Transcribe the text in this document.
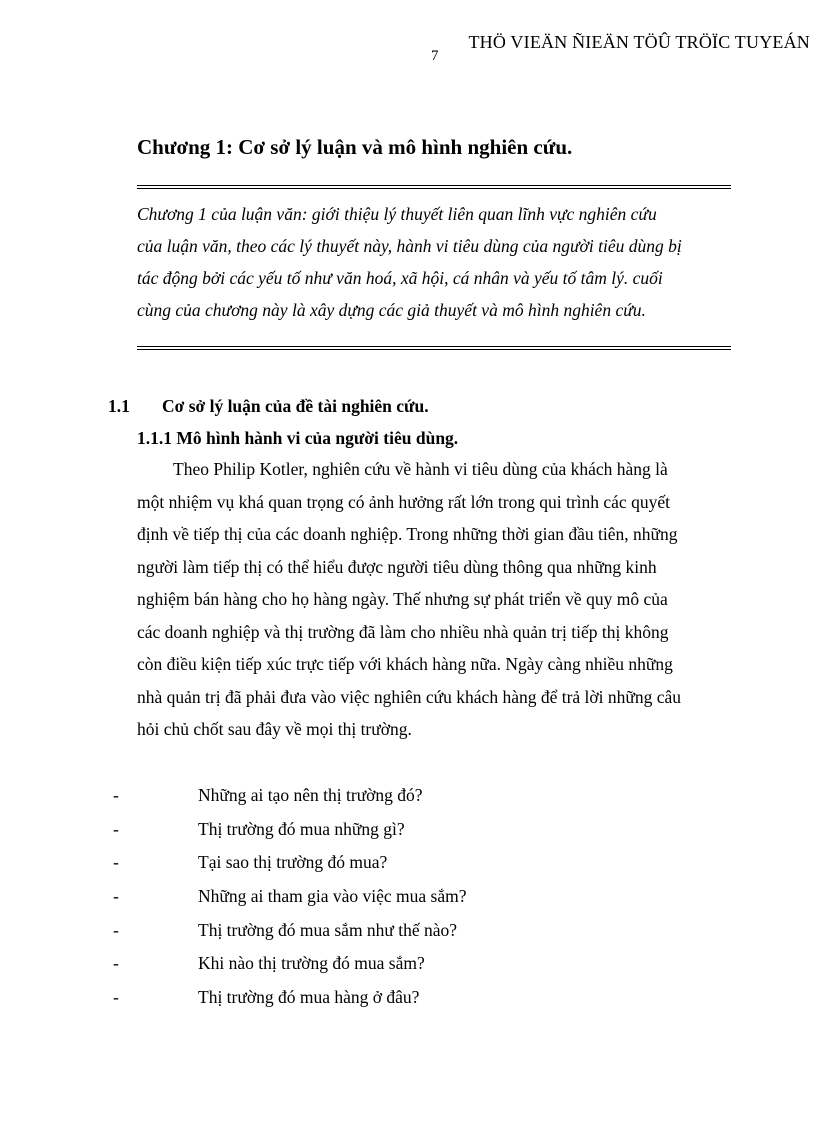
THÖ VIEÄN ÑIEÄN TÖÛ TRÖÏC TUYEÁN
7
Chương 1: Cơ sở lý luận và mô hình nghiên cứu.

Chương 1 của luận văn: giới thiệu lý thuyết liên quan lĩnh vực nghiên cứu
của luận văn, theo các lý thuyết này, hành vi tiêu dùng của người tiêu dùng bị
tác động bởi các yếu tố như văn hoá, xã hội, cá nhân và yếu tố tâm lý. cuối
cùng của chương này là xây dựng các giả thuyết và mô hình nghiên cứu.

1.1 Cơ sở lý luận của đề tài nghiên cứu.
1.1.1 Mô hình hành vi của người tiêu dùng.

Theo Philip Kotler, nghiên cứu về hành vi tiêu dùng của khách hàng là
một nhiệm vụ khá quan trọng có ảnh hưởng rất lớn trong qui trình các quyết
định về tiếp thị của các doanh nghiệp. Trong những thời gian đầu tiên, những
người làm tiếp thị có thể hiểu được người tiêu dùng thông qua những kinh
nghiệm bán hàng cho họ hàng ngày. Thế nhưng sự phát triển về quy mô của
các doanh nghiệp và thị trường đã làm cho nhiều nhà quản trị tiếp thị không
còn điều kiện tiếp xúc trực tiếp với khách hàng nữa. Ngày càng nhiều những
nhà quản trị đã phải đưa vào việc nghiên cứu khách hàng để trả lời những câu
hỏi chủ chốt sau đây về mọi thị trường.

-	Những ai tạo nên thị trường đó?
-	Thị trường đó mua những gì?
-	Tại sao thị trường đó mua?
-	Những ai tham gia vào việc mua sắm?
-	Thị trường đó mua sắm như thế nào?
-	Khi nào thị trường đó mua sắm?
-	Thị trường đó mua hàng ở đâu?
